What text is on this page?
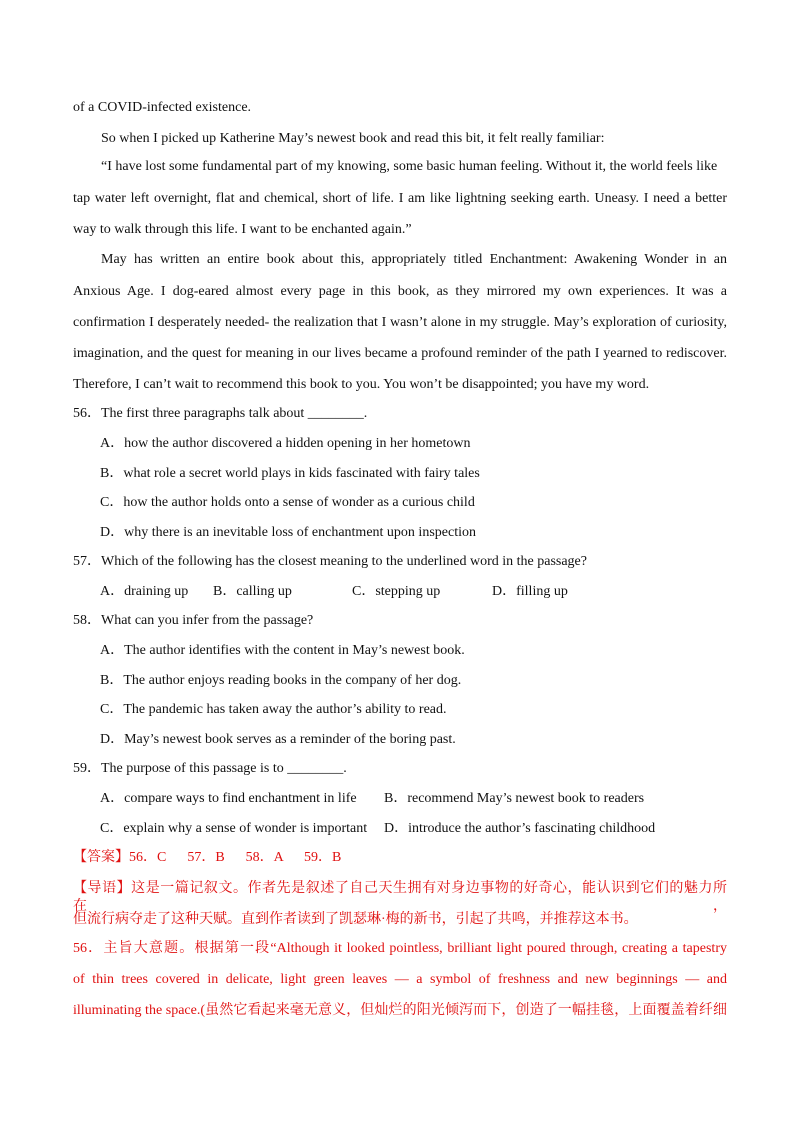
of a COVID-infected existence.
So when I picked up Katherine May’s newest book and read this bit, it felt really familiar:
“I have lost some fundamental part of my knowing, some basic human feeling. Without it, the world feels like
tap water left overnight, flat and chemical, short of life. I am like lightning seeking earth. Uneasy. I need a better
way to walk through this life. I want to be enchanted again.”
May has written an entire book about this, appropriately titled Enchantment: Awakening Wonder in an
Anxious Age. I dog-eared almost every page in this book, as they mirrored my own experiences. It was a
confirmation I desperately needed- the realization that I wasn’t alone in my struggle. May’s exploration of curiosity,
imagination, and the quest for meaning in our lives became a profound reminder of the path I yearned to rediscover.
Therefore, I can’t wait to recommend this book to you. You won’t be disappointed; you have my word.
56．The first three paragraphs talk about ________.
A．how the author discovered a hidden opening in her hometown
B．what role a secret world plays in kids fascinated with fairy tales
C．how the author holds onto a sense of wonder as a curious child
D．why there is an inevitable loss of enchantment upon inspection
57．Which of the following has the closest meaning to the underlined word in the passage?
A．draining up B．calling up	C．stepping up	D．filling up
58．What can you infer from the passage?
A．The author identifies with the content in May’s newest book.
B．The author enjoys reading books in the company of her dog.
C．The pandemic has taken away the author’s ability to read.
D．May’s newest book serves as a reminder of the boring past.
59．The purpose of this passage is to ________.
A．compare ways to find enchantment in life B．recommend May’s newest book to readers
C．explain why a sense of wonder is important D．introduce the author’s fascinating childhood
【答案】56．C      57．B      58．A      59．B
【导语】这是一篇记叙文。作者先是叙述了自己天生拥有对身边事物的好奇心，能认识到它们的魅力所在，
但流行病夺走了这种天赋。直到作者读到了凯瑟琳·梅的新书，引起了共鸣，并推荐这本书。
56．主旨大意题。根据第一段“Although it looked pointless, brilliant light poured through, creating a tapestry
of thin trees covered in delicate, light green leaves — a symbol of freshness and new beginnings — and
illuminating the space.(虽然它看起来毫无意义，但灿烂的阳光倾泻而下，创造了一幅挂毯，上面覆盖着纤细
